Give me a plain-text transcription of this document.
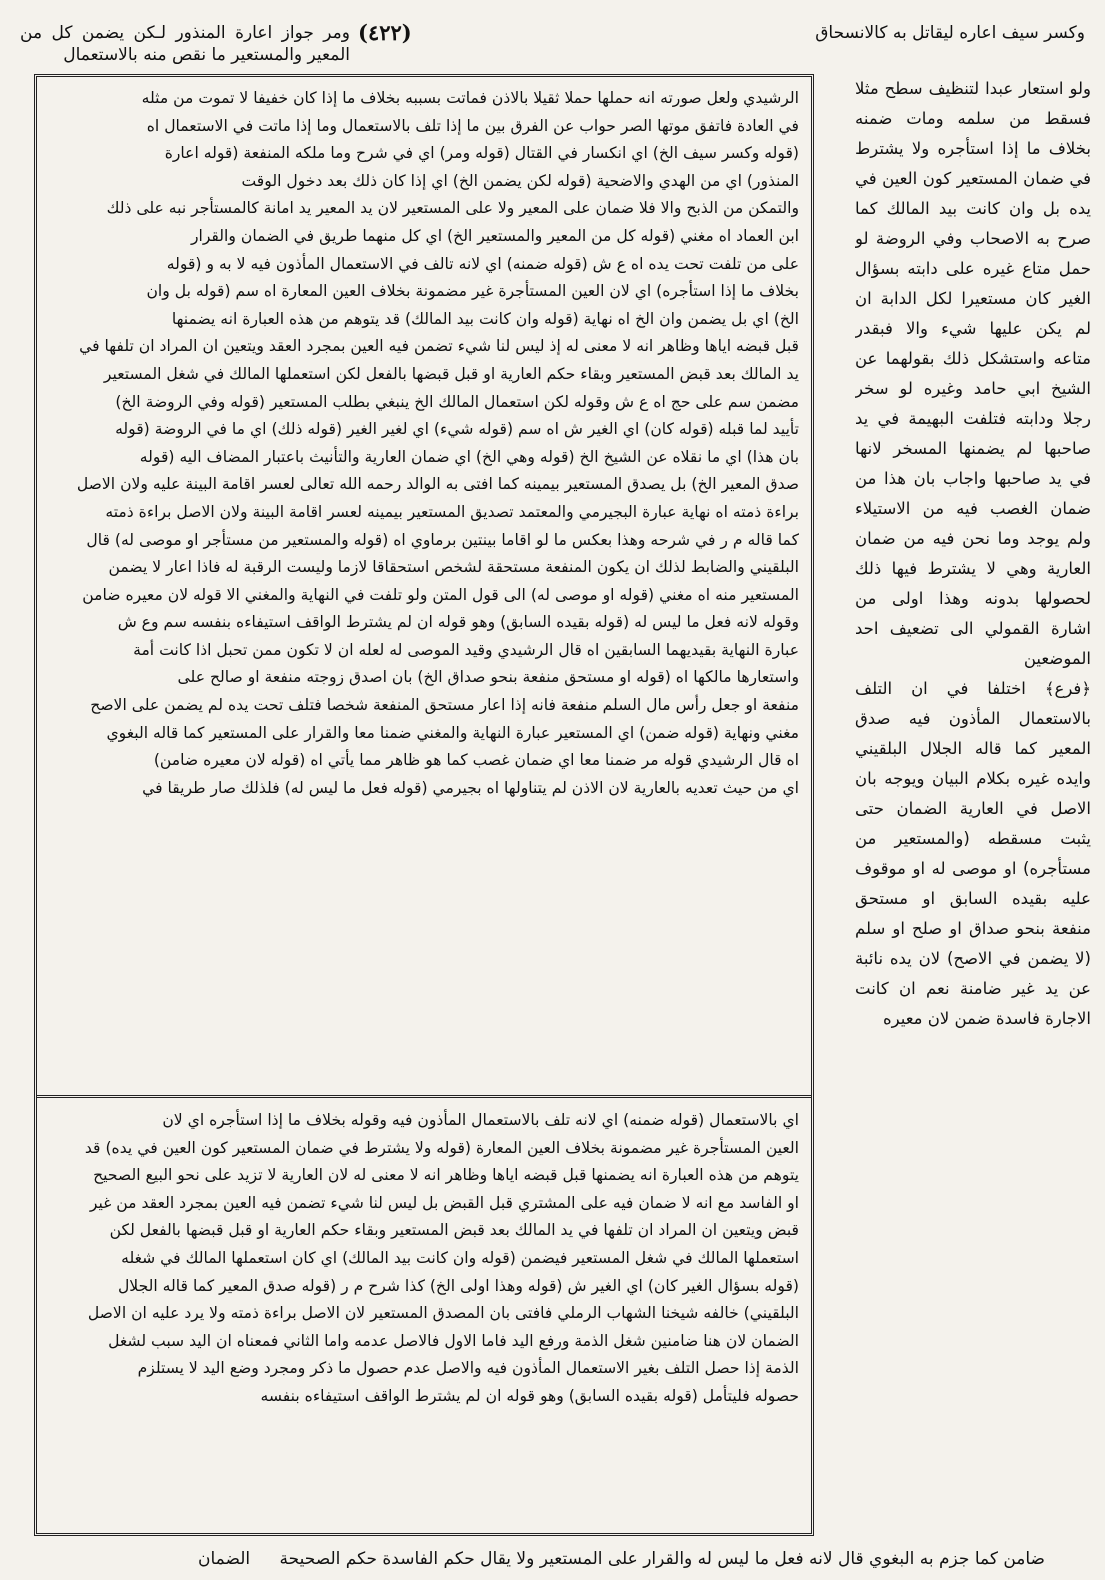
وكسر سيف اعاره ليقاتل به كالانسحاق
(٤٢٢)
ومر جواز اعارة المنذور لـكن يضمن كل من المعير والمستعير ما نقص منه بالاستعمال
ولو استعار عبدا لتنظيف سطح مثلا فسقط من سلمه ومات ضمنه بخلاف ما إذا استأجره ولا يشترط في ضمان المستعير كون العين في يده بل وان كانت بيد المالك كما صرح به الاصحاب وفي الروضة لو حمل متاع غيره على دابته بسؤال الغير كان مستعيرا لكل الدابة ان لم يكن عليها شيء والا فبقدر متاعه واستشكل ذلك بقولهما عن الشيخ ابي حامد وغيره لو سخر رجلا ودابته فتلفت البهيمة في يد صاحبها لم يضمنها المسخر لانها في يد صاحبها واجاب بان هذا من ضمان الغصب فيه من الاستيلاء ولم يوجد وما نحن فيه من ضمان العارية وهي لا يشترط فيها ذلك لحصولها بدونه وهذا اولى من اشارة القمولي الى تضعيف احد الموضعين
﴿فرع﴾ اختلفا في ان التلف بالاستعمال المأذون فيه صدق المعير كما قاله الجلال البلقيني وايده غيره بكلام البيان ويوجه بان الاصل في العارية الضمان حتى يثبت مسقطه (والمستعير من مستأجره) او موصى له او موقوف عليه بقيده السابق او مستحق منفعة بنحو صداق او صلح او سلم (لا يضمن في الاصح) لان يده نائبة عن يد غير ضامنة نعم ان كانت الاجارة فاسدة ضمن لان معيره
الرشيدي ولعل صورته انه حملها حملا ثقيلا بالاذن فماتت بسببه بخلاف ما إذا كان خفيفا لا تموت من مثله
في العادة فاتفق موتها الصر حواب عن الفرق بين ما إذا تلف بالاستعمال وما إذا ماتت في الاستعمال اه
(قوله وكسر سيف الخ) اي انكسار في القتال (قوله ومر) اي في شرح وما ملكه المنفعة (قوله اعارة
المنذور) اي من الهدي والاضحية (قوله لكن يضمن الخ) اي إذا كان ذلك بعد دخول الوقت
والتمكن من الذبح والا فلا ضمان على المعير ولا على المستعير لان يد المعير يد امانة كالمستأجر نبه على ذلك
ابن العماد اه مغني (قوله كل من المعير والمستعير الخ) اي كل منهما طريق في الضمان والقرار
على من تلفت تحت يده اه ع ش (قوله ضمنه) اي لانه تالف في الاستعمال المأذون فيه لا به و (قوله
بخلاف ما إذا استأجره) اي لان العين المستأجرة غير مضمونة بخلاف العين المعارة اه سم (قوله بل وان
الخ) اي بل يضمن وان الخ اه نهاية (قوله وان كانت بيد المالك) قد يتوهم من هذه العبارة انه يضمنها
قبل قبضه اياها وظاهر انه لا معنى له إذ ليس لنا شيء تضمن فيه العين بمجرد العقد ويتعين ان المراد ان تلفها في
يد المالك بعد قبض المستعير وبقاء حكم العارية او قبل قبضها بالفعل لكن استعملها المالك في شغل المستعير
مضمن سم على حج اه ع ش وقوله لكن استعمال المالك الخ ينبغي بطلب المستعير (قوله وفي الروضة الخ)
تأييد لما قبله (قوله كان) اي الغير ش اه سم (قوله شيء) اي لغير الغير (قوله ذلك) اي ما في الروضة (قوله
بان هذا) اي ما نقلاه عن الشيخ الخ (قوله وهي الخ) اي ضمان العارية والتأنيث باعتبار المضاف اليه (قوله
صدق المعير الخ) بل يصدق المستعير بيمينه كما افتى به الوالد رحمه الله تعالى لعسر اقامة البينة عليه ولان الاصل
براءة ذمته اه نهاية عبارة البجيرمي والمعتمد تصديق المستعير بيمينه لعسر اقامة البينة ولان الاصل براءة ذمته
كما قاله م ر في شرحه وهذا بعكس ما لو اقاما بينتين برماوي اه (قوله والمستعير من مستأجر او موصى له) قال
البلقيني والضابط لذلك ان يكون المنفعة مستحقة لشخص استحقاقا لازما وليست الرقبة له فاذا اعار لا يضمن
المستعير منه اه مغني (قوله او موصى له) الى قول المتن ولو تلفت في النهاية والمغني الا قوله لان معيره ضامن
وقوله لانه فعل ما ليس له (قوله بقيده السابق) وهو قوله ان لم يشترط الواقف استيفاءه بنفسه سم وع ش
عبارة النهاية بقيديهما السابقين اه قال الرشيدي وقيد الموصى له لعله ان لا تكون ممن تحبل اذا كانت أمة
واستعارها مالكها اه (قوله او مستحق منفعة بنحو صداق الخ) بان اصدق زوجته منفعة او صالح على
منفعة او جعل رأس مال السلم منفعة فانه إذا اعار مستحق المنفعة شخصا فتلف تحت يده لم يضمن على الاصح
مغني ونهاية (قوله ضمن) اي المستعير عبارة النهاية والمغني ضمنا معا والقرار على المستعير كما قاله البغوي
اه قال الرشيدي قوله مر ضمنا معا اي ضمان غصب كما هو ظاهر مما يأتي اه (قوله لان معيره ضامن)
اي من حيث تعديه بالعارية لان الاذن لم يتناولها اه بجيرمي (قوله فعل ما ليس له) فلذلك صار طريقا في
اي بالاستعمال (قوله ضمنه) اي لانه تلف بالاستعمال المأذون فيه وقوله بخلاف ما إذا استأجره اي لان
العين المستأجرة غير مضمونة بخلاف العين المعارة (قوله ولا يشترط في ضمان المستعير كون العين في يده) قد
يتوهم من هذه العبارة انه يضمنها قبل قبضه اياها وظاهر انه لا معنى له لان العارية لا تزيد على نحو البيع الصحيح
او الفاسد مع انه لا ضمان فيه على المشتري قبل القبض بل ليس لنا شيء تضمن فيه العين بمجرد العقد من غير
قبض ويتعين ان المراد ان تلفها في يد المالك بعد قبض المستعير وبقاء حكم العارية او قبل قبضها بالفعل لكن
استعملها المالك في شغل المستعير فيضمن (قوله وان كانت بيد المالك) اي كان استعملها المالك في شغله
(قوله بسؤال الغير كان) اي الغير ش (قوله وهذا اولى الخ) كذا شرح م ر (قوله صدق المعير كما قاله الجلال
البلقيني) خالفه شيخنا الشهاب الرملي فافتى بان المصدق المستعير لان الاصل براءة ذمته ولا يرد عليه ان الاصل
الضمان لان هنا ضامنين شغل الذمة ورفع اليد فاما الاول فالاصل عدمه واما الثاني فمعناه ان اليد سبب لشغل
الذمة إذا حصل التلف بغير الاستعمال المأذون فيه والاصل عدم حصول ما ذكر ومجرد وضع اليد لا يستلزم
حصوله فليتأمل (قوله بقيده السابق) وهو قوله ان لم يشترط الواقف استيفاءه بنفسه
ضامن كما جزم به البغوي قال لانه فعل ما ليس له والقرار على المستعير ولا يقال حكم الفاسدة حكم الصحيحة الضمان
